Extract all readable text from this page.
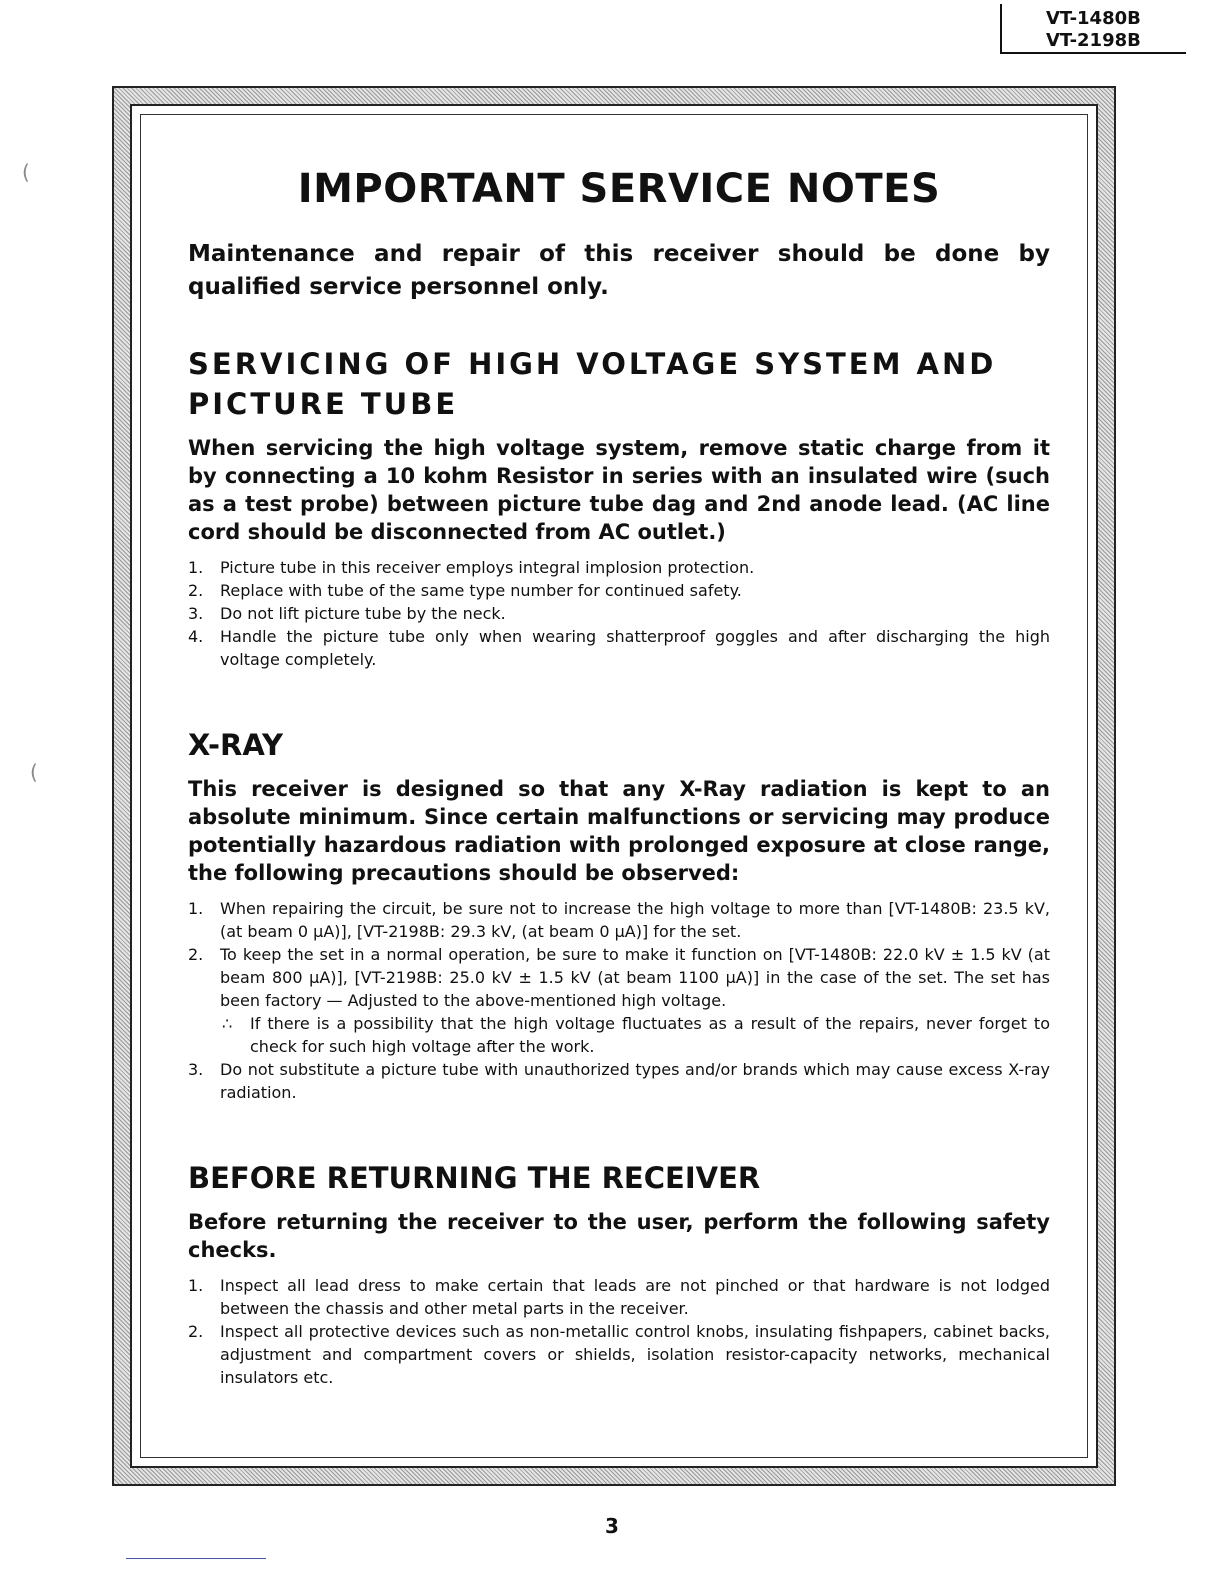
VT-1480B
VT-2198B
(
(
IMPORTANT SERVICE NOTES

Maintenance and repair of this receiver should be done by qualified service personnel only.

SERVICING OF HIGH VOLTAGE SYSTEM AND PICTURE TUBE

When servicing the high voltage system, remove static charge from it by connecting a 10 kohm Resistor in series with an insulated wire (such as a test probe) between picture tube dag and 2nd anode lead. (AC line cord should be disconnected from AC outlet.)

1. Picture tube in this receiver employs integral implosion protection.
2. Replace with tube of the same type number for continued safety.
3. Do not lift picture tube by the neck.
4. Handle the picture tube only when wearing shatterproof goggles and after discharging the high voltage completely.
X-RAY

This receiver is designed so that any X-Ray radiation is kept to an absolute minimum. Since certain malfunctions or servicing may produce potentially hazardous radiation with prolonged exposure at close range, the following precautions should be observed:

1. When repairing the circuit, be sure not to increase the high voltage to more than [VT-1480B: 23.5 kV, (at beam 0 μA)], [VT-2198B: 29.3 kV, (at beam 0 μA)] for the set.
2. To keep the set in a normal operation, be sure to make it function on [VT-1480B: 22.0 kV ± 1.5 kV (at beam 800 μA)], [VT-2198B: 25.0 kV ± 1.5 kV (at beam 1100 μA)] in the case of the set. The set has been factory — Adjusted to the above-mentioned high voltage.
∴ If there is a possibility that the high voltage fluctuates as a result of the repairs, never forget to check for such high voltage after the work.
3. Do not substitute a picture tube with unauthorized types and/or brands which may cause excess X-ray radiation.
BEFORE RETURNING THE RECEIVER

Before returning the receiver to the user, perform the following safety checks.

1. Inspect all lead dress to make certain that leads are not pinched or that hardware is not lodged between the chassis and other metal parts in the receiver.
2. Inspect all protective devices such as non-metallic control knobs, insulating fishpapers, cabinet backs, adjustment and compartment covers or shields, isolation resistor-capacity networks, mechanical insulators etc.
3
